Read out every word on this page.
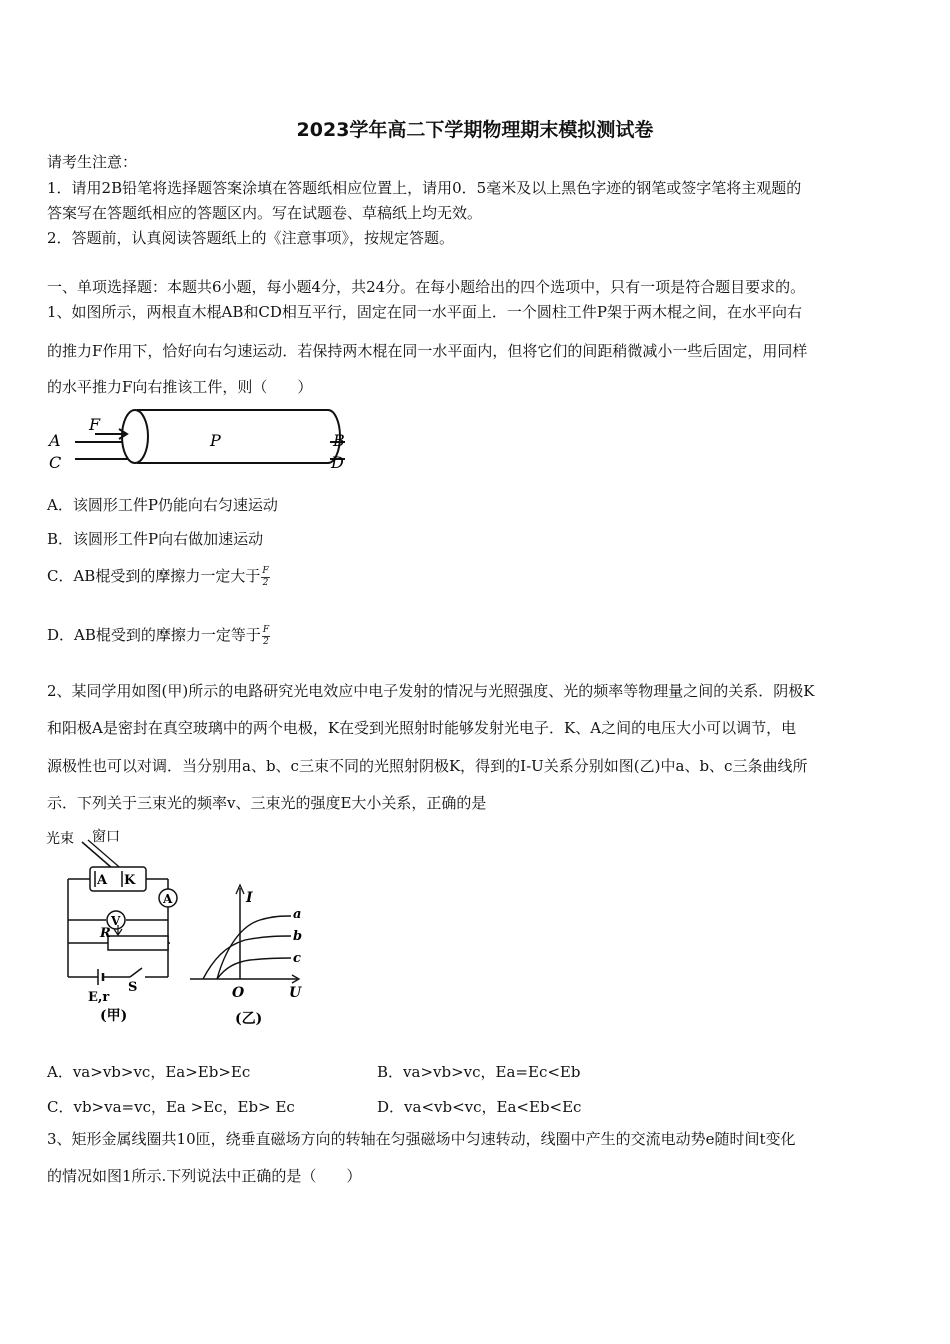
2023学年高二下学期物理期末模拟测试卷
请考生注意：
1．请用2B铅笔将选择题答案涂填在答题纸相应位置上，请用0．5毫米及以上黑色字迹的钢笔或签字笔将主观题的
答案写在答题纸相应的答题区内。写在试题卷、草稿纸上均无效。
2．答题前，认真阅读答题纸上的《注意事项》，按规定答题。
一、单项选择题：本题共6小题，每小题4分，共24分。在每小题给出的四个选项中，只有一项是符合题目要求的。
1、如图所示，两根直木棍AB和CD相互平行，固定在同一水平面上．一个圆柱工件P架于两木棍之间，在水平向右
的推力F作用下，恰好向右匀速运动．若保持两木棍在同一水平面内，但将它们的间距稍微减小一些后固定，用同样
的水平推力F向右推该工件，则（　　）
F
P
A
C
B
D
A．该圆形工件P仍能向右匀速运动
B．该圆形工件P向右做加速运动
C．AB棍受到的摩擦力一定大于 $\frac{F}{2}$
D．AB棍受到的摩擦力一定等于 $\frac{F}{2}$
2、某同学用如图(甲)所示的电路研究光电效应中电子发射的情况与光照强度、光的频率等物理量之间的关系．阴极K
和阳极A是密封在真空玻璃中的两个电极，K在受到光照射时能够发射光电子．K、A之间的电压大小可以调节，电
源极性也可以对调．当分别用a、b、c三束不同的光照射阴极K，得到的I-U关系分别如图(乙)中a、b、c三条曲线所
示．下列关于三束光的频率v、三束光的强度E大小关系，正确的是
光束 窗口
A K
A
V
R
E,r
S
(甲)
I
O	U
a
b
c
(乙)
A．va>vb>vc，Ea>Eb>Ec	B．va>vb>vc，Ea=Ec<Eb
C．vb>va=vc，Ea >Ec，Eb> Ec	D．va<vb<vc，Ea<Eb<Ec
3、矩形金属线圈共10匝，绕垂直磁场方向的转轴在匀强磁场中匀速转动，线圈中产生的交流电动势e随时间t变化
的情况如图1所示.下列说法中正确的是（　　）
